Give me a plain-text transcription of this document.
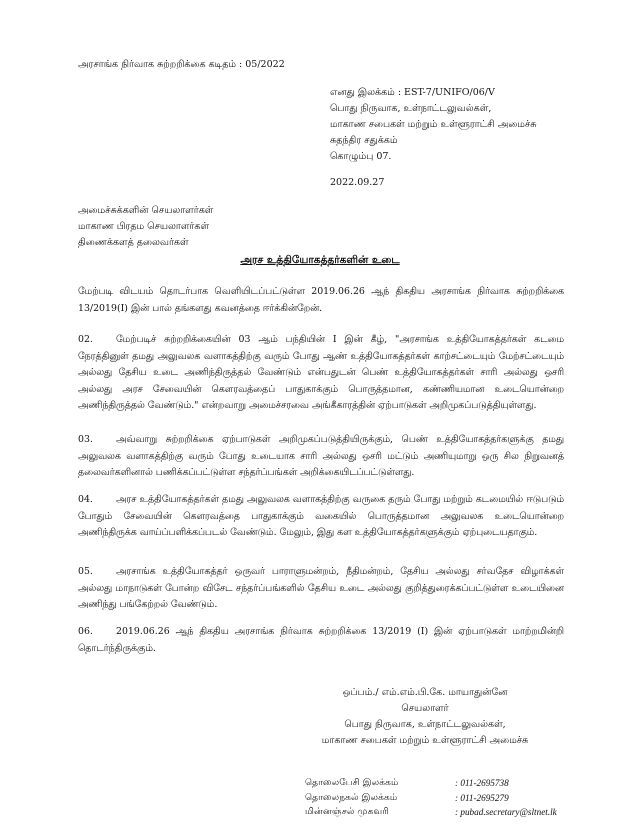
அரசாங்க நிர்வாக சுற்றறிக்கை கடிதம் : 05/2022
எனது இலக்கம் : EST-7/UNIFO/06/V
பொது நிருவாக, உள்நாட்டலுவல்கள்,
மாகாண சபைகள் மற்றும் உள்ளூராட்சி அமைச்சு
சுதந்திர சதுக்கம்
கொழும்பு 07.
2022.09.27
அமைச்சுக்களின் செயலாளர்கள்
மாகாண பிரதம செயலாளர்கள்
திணைக்களத் தலைவர்கள்
அரச உத்தியோகத்தர்களின் உடை
மேற்படி விடயம் தொடர்பாக வெளியிடப்பட்டுள்ள 2019.06.26 ஆந் திகதிய அரசாங்க நிர்வாக சுற்றறிக்கை 13/2019(I) இன் பால் தங்களது கவனத்தை ஈர்க்கின்றேன்.
02. மேற்படிச் சுற்றறிக்கையின் 03 ஆம் பந்தியின் I இன் கீழ், "அரசாங்க உத்தியோகத்தர்கள் கடமை நேரத்தினுள் தமது அலுவலக வளாகத்திற்கு வரும் போது ஆண் உத்தியோகத்தர்கள் காற்சட்டையும் மேற்சட்டையும் அல்லது தேசிய உடை அணிந்திருத்தல் வேண்டும் என்பதுடன் பெண் உத்தியோகத்தர்கள் சாரி அல்லது ஒசரி அல்லது அரச சேவையின் கௌரவத்தைப் பாதுகாக்கும் பொருத்தமான, கண்ணியமான உடையொன்றை அணிந்திருத்தல் வேண்டும்." என்றவாறு அமைச்சரவை அங்கீகாரத்தின் ஏற்பாடுகள் அறிமுகப்படுத்தியுள்ளது.
03. அவ்வாறு சுற்றறிக்கை ஏற்பாடுகள் அறிமுகப்படுத்தியிருக்கும், பெண் உத்தியோகத்தர்களுக்கு தமது அலுவலக வளாகத்திற்கு வரும் போது உடையாக சாரி அல்லது ஒசரி மட்டும் அணியுமாறு ஒரு சில நிறுவனத் தலைவர்களினால் பணிக்கப்பட்டுள்ள சந்தர்ப்பங்கள் அறிக்கையிடப்பட்டுள்ளது.
04. அரச உத்தியோகத்தர்கள் தமது அலுவலக வளாகத்திற்கு வருகை தரும் போது மற்றும் கடமையில் ஈடுபடும் போதும் சேவையின் கௌரவத்தை பாதுகாக்கும் வகையில் பொருத்தமான அலுவலக உடையொன்றை அணிந்திருக்க வாய்ப்பளிக்கப்படல் வேண்டும். மேலும், இது கள உத்தியோகத்தர்களுக்கும் ஏற்புடையதாகும்.
05. அரசாங்க உத்தியோகத்தர் ஒருவர் பாராளுமன்றம், நீதிமன்றம், தேசிய அல்லது சர்வதேச விழாக்கள் அல்லது மாநாடுகள் போன்ற விசேட சந்தர்ப்பங்களில் தேசிய உடை அல்லது குறித்துரைக்கப்பட்டுள்ள உடையினை அணிந்து பங்கேற்றல் வேண்டும்.
06. 2019.06.26 ஆந் திகதிய அரசாங்க நிர்வாக சுற்றறிக்கை 13/2019 (I) இன் ஏற்பாடுகள் மாற்றமின்றி தொடர்ந்திருக்கும்.
ஒப்பம்./ எம்.எம்.பி.கே. மாயாதுன்னே
செயலாளர்
பொது நிருவாக, உள்நாட்டலுவல்கள்,
மாகாண சபைகள் மற்றும் உள்ளூராட்சி அமைச்சு
தொலைபேசி இலக்கம்	: 011-2695738
தொலைநகல் இலக்கம்	: 011-2695279
மின்னஞ்சல் முகவரி	: pubad.secretary@sltnet.lk
